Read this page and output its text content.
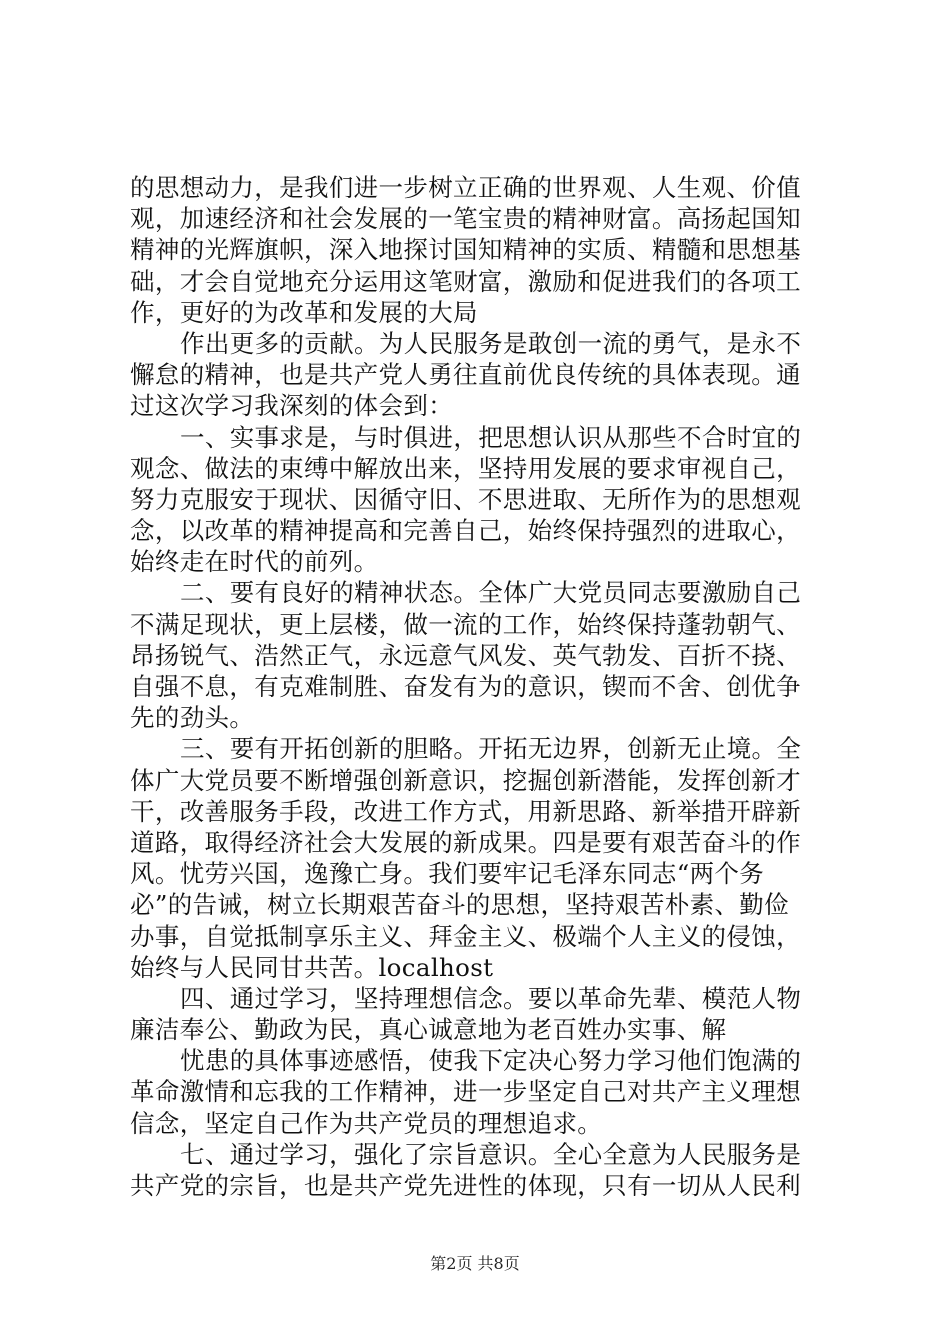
的思想动力，是我们进一步树立正确的世界观、人生观、价值
观，加速经济和社会发展的一笔宝贵的精神财富。高扬起国知
精神的光辉旗帜，深入地探讨国知精神的实质、精髓和思想基
础，才会自觉地充分运用这笔财富，激励和促进我们的各项工
作，更好的为改革和发展的大局
作出更多的贡献。为人民服务是敢创一流的勇气，是永不
懈怠的精神，也是共产党人勇往直前优良传统的具体表现。通
过这次学习我深刻的体会到：
一、实事求是，与时俱进，把思想认识从那些不合时宜的
观念、做法的束缚中解放出来，坚持用发展的要求审视自己，
努力克服安于现状、因循守旧、不思进取、无所作为的思想观
念，以改革的精神提高和完善自己，始终保持强烈的进取心，
始终走在时代的前列。
二、要有良好的精神状态。全体广大党员同志要激励自己
不满足现状，更上层楼，做一流的工作，始终保持蓬勃朝气、
昂扬锐气、浩然正气，永远意气风发、英气勃发、百折不挠、
自强不息，有克难制胜、奋发有为的意识，锲而不舍、创优争
先的劲头。
三、要有开拓创新的胆略。开拓无边界，创新无止境。全
体广大党员要不断增强创新意识，挖掘创新潜能，发挥创新才
干，改善服务手段，改进工作方式，用新思路、新举措开辟新
道路，取得经济社会大发展的新成果。四是要有艰苦奋斗的作
风。忧劳兴国，逸豫亡身。我们要牢记毛泽东同志“两个务
必”的告诫，树立长期艰苦奋斗的思想，坚持艰苦朴素、勤俭
办事，自觉抵制享乐主义、拜金主义、极端个人主义的侵蚀，
始终与人民同甘共苦。localhost
四、通过学习，坚持理想信念。要以革命先辈、模范人物
廉洁奉公、勤政为民，真心诚意地为老百姓办实事、解
忧患的具体事迹感悟，使我下定决心努力学习他们饱满的
革命激情和忘我的工作精神，进一步坚定自己对共产主义理想
信念，坚定自己作为共产党员的理想追求。
七、通过学习，强化了宗旨意识。全心全意为人民服务是
共产党的宗旨，也是共产党先进性的体现，只有一切从人民利
第2页 共8页
